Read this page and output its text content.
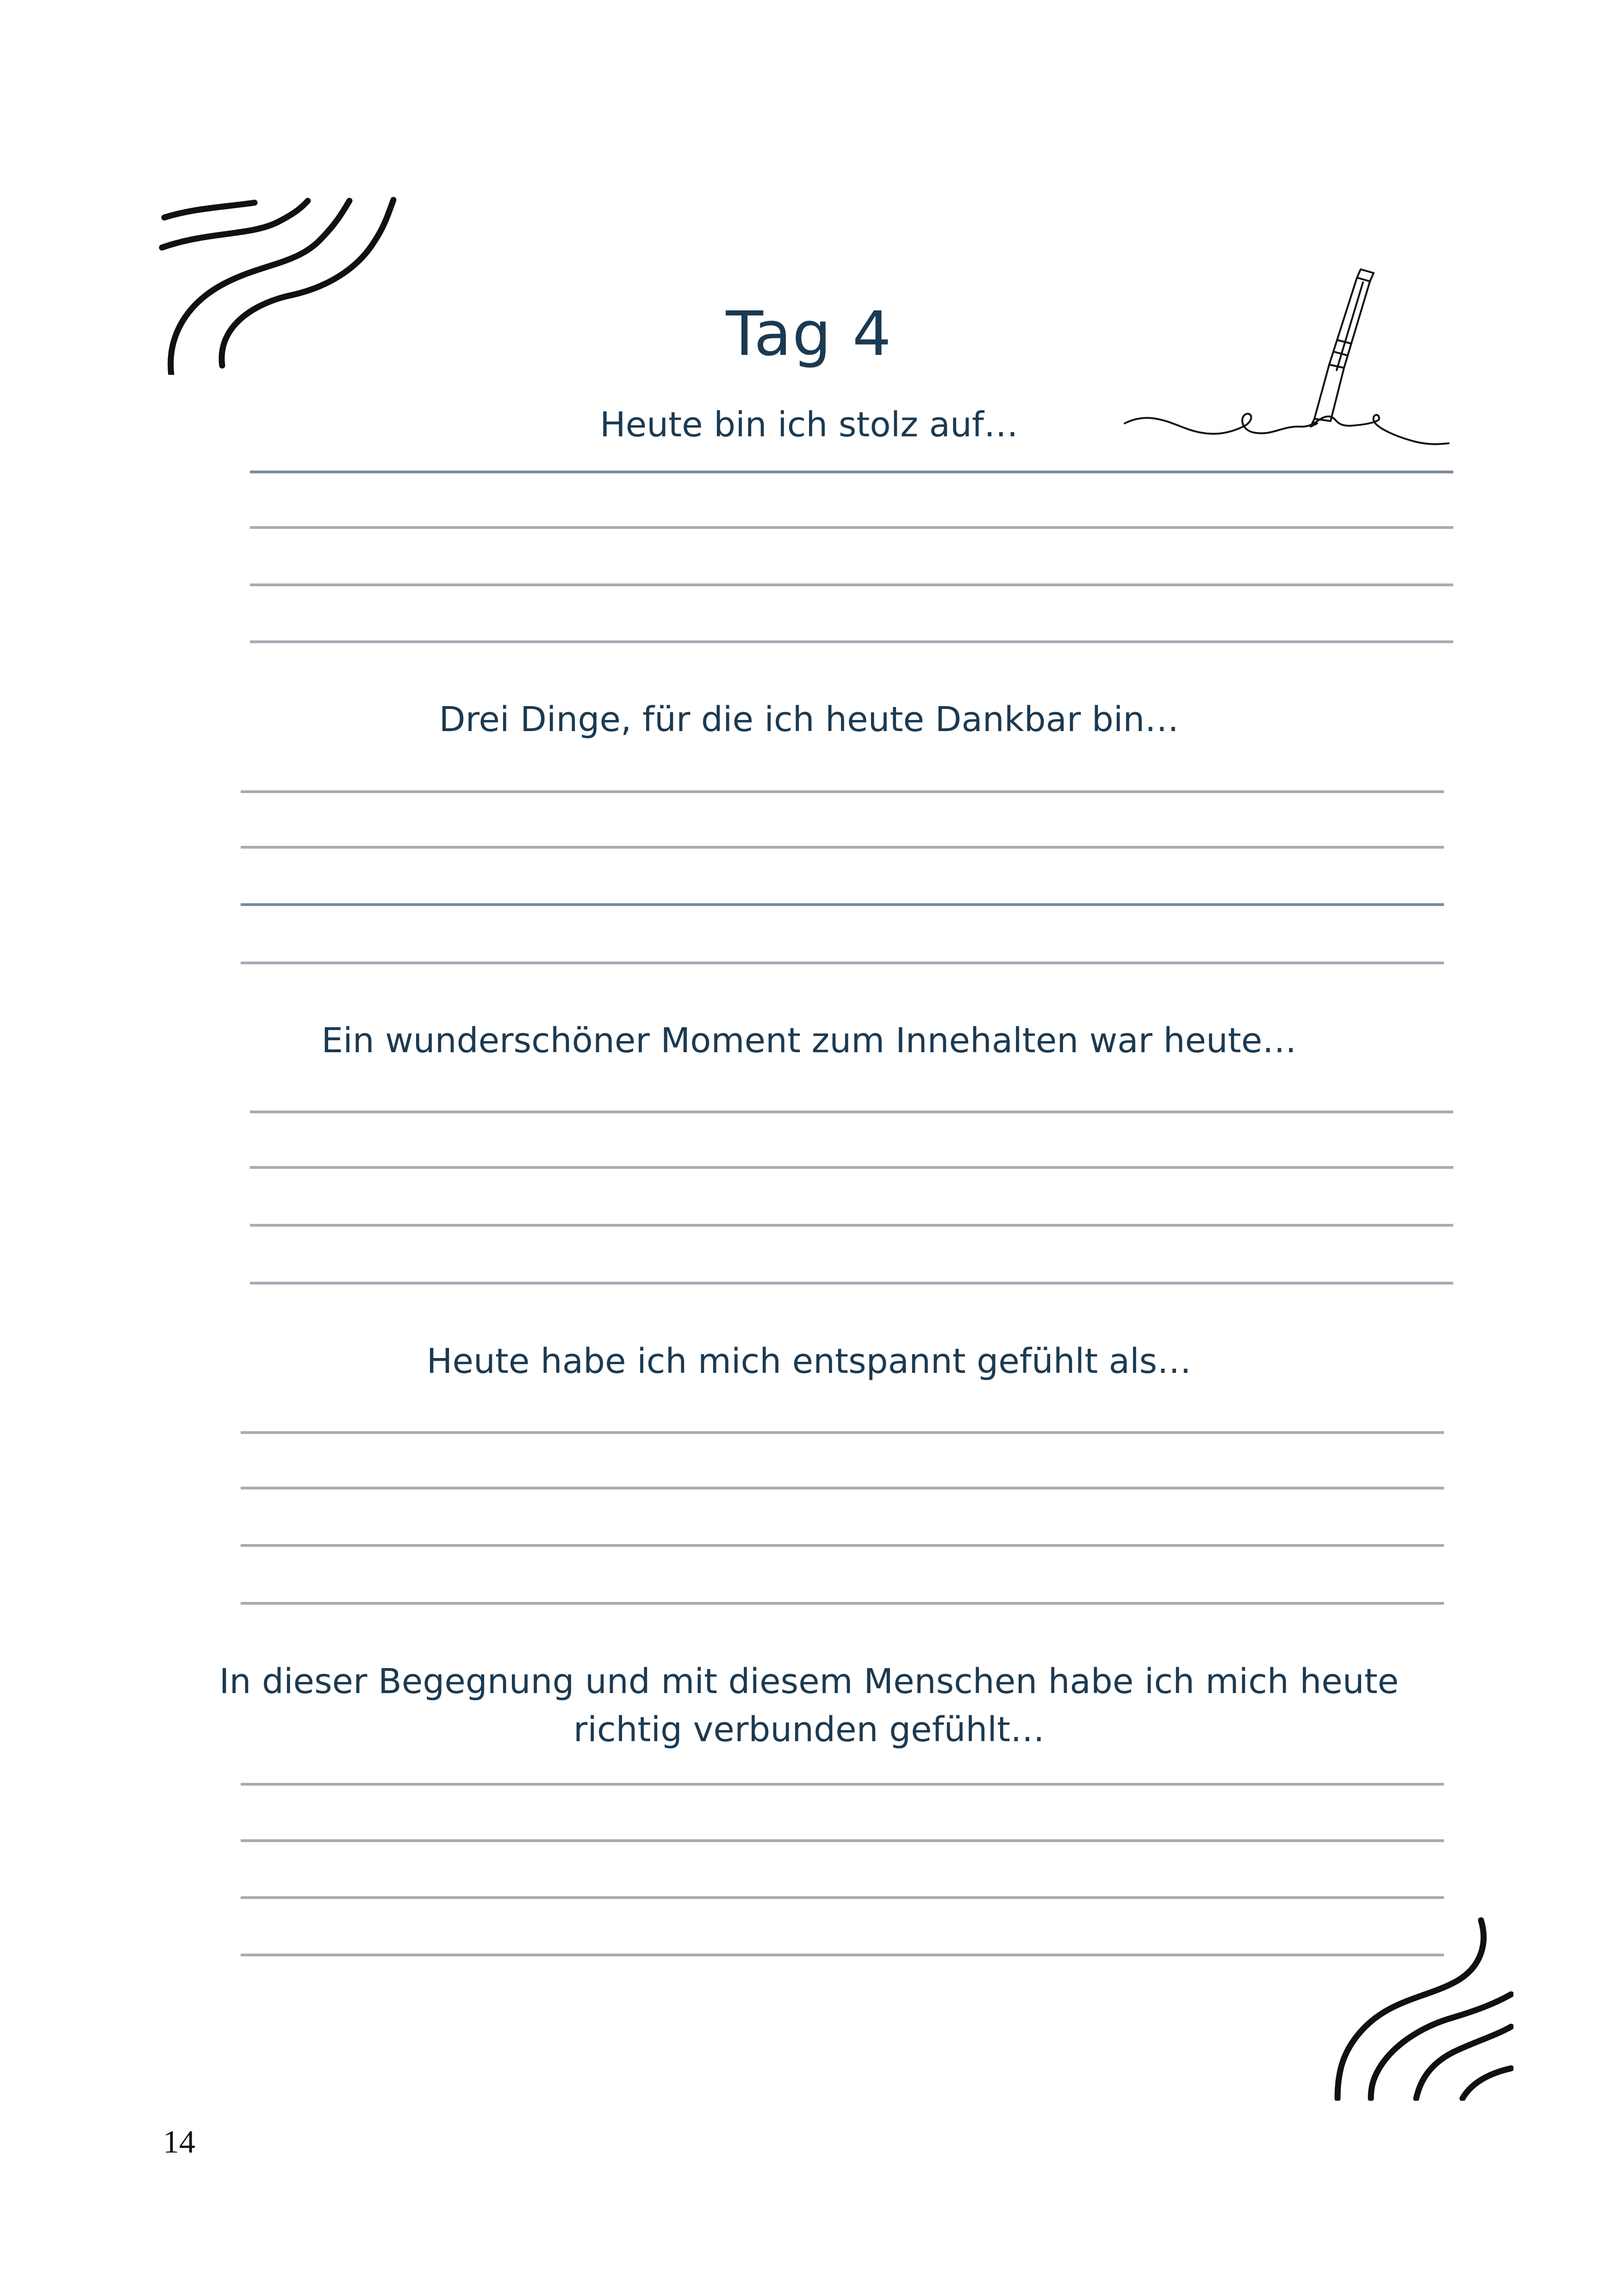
Tag 4

Heute bin ich stolz auf…

Drei Dinge, für die ich heute Dankbar bin…

Ein wunderschöner Moment zum Innehalten war heute…

Heute habe ich mich entspannt gefühlt als…

In dieser Begegnung und mit diesem Menschen habe ich mich heute
richtig verbunden gefühlt…

14
